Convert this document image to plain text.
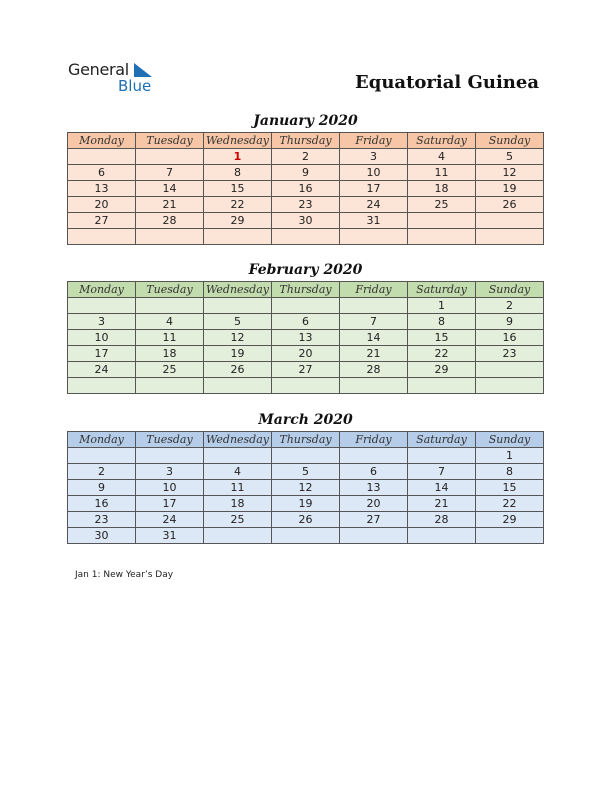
General
Blue	Equatorial Guinea
January 2020
Monday	Tuesday	Wednesday	Thursday	Friday	Saturday	Sunday
		1	2	3	4	5
6	7	8	9	10	11	12
13	14	15	16	17	18	19
20	21	22	23	24	25	26
27	28	29	30	31		

February 2020
Monday	Tuesday	Wednesday	Thursday	Friday	Saturday	Sunday
					1	2
3	4	5	6	7	8	9
10	11	12	13	14	15	16
17	18	19	20	21	22	23
24	25	26	27	28	29	

March 2020
Monday	Tuesday	Wednesday	Thursday	Friday	Saturday	Sunday
						1
2	3	4	5	6	7	8
9	10	11	12	13	14	15
16	17	18	19	20	21	22
23	24	25	26	27	28	29
30	31					
Jan 1: New Year’s Day
